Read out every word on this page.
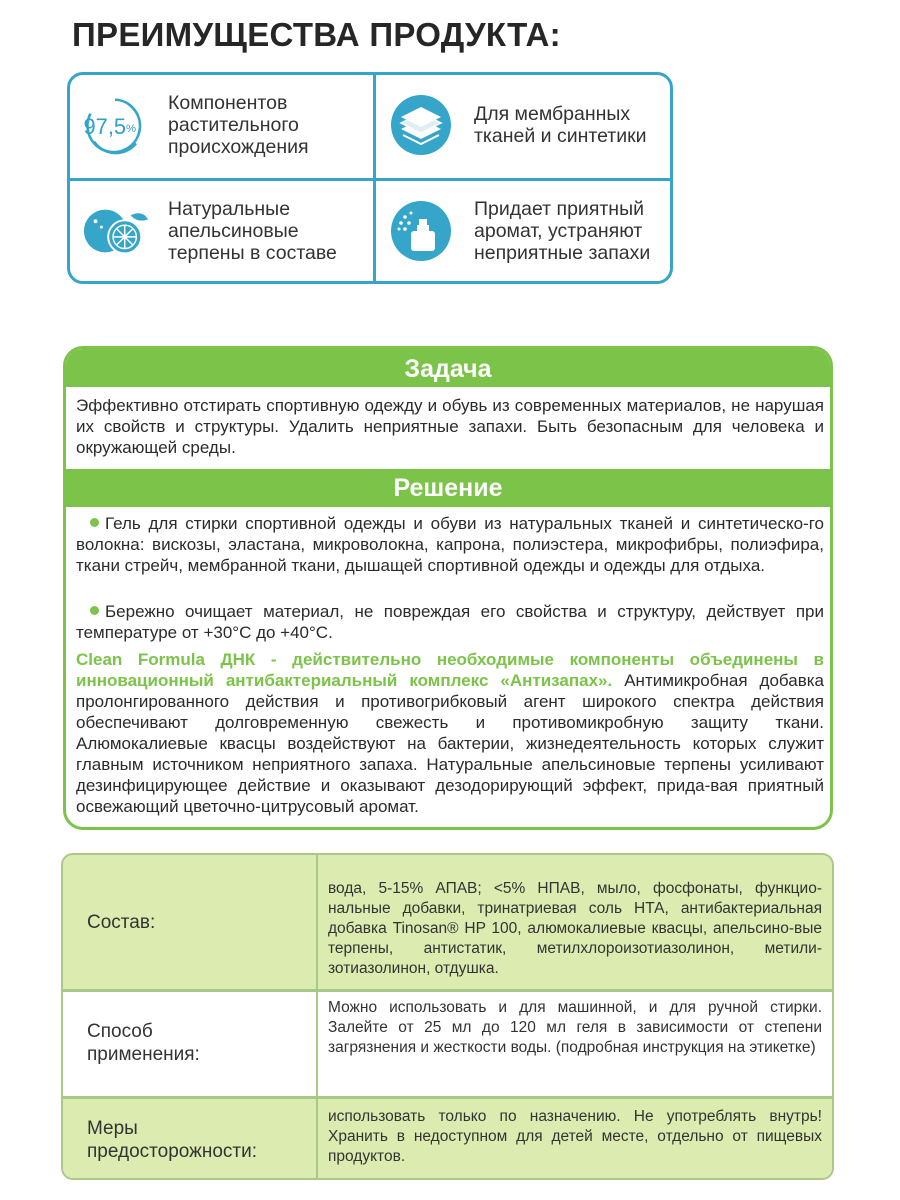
ПРЕИМУЩЕСТВА ПРОДУКТА:
97,5%
Компонентов
растительного
происхождения
Для мембранных
тканей и синтетики
Натуральные
апельсиновые
терпены в составе
Придает приятный
аромат, устраняют
неприятные запахи
Задача
Эффективно отстирать спортивную одежду и обувь из современных материалов, не нарушая их свойств и структуры. Удалить неприятные запахи. Быть безопасным для человека и окружающей среды.
Решение
Гель для стирки спортивной одежды и обуви из натуральных тканей и синтетическо-го волокна: вискозы, эластана, микроволокна, капрона, полиэстера, микрофибры, полиэфира, ткани стрейч, мембранной ткани, дышащей спортивной одежды и одежды для отдыха.
Бережно очищает материал, не повреждая его свойства и структуру, действует при температуре от +30°С до +40°С.
Clean Formula ДНК - действительно необходимые компоненты объединены в инновационный антибактериальный комплекс «Антизапах». Антимикробная добавка пролонгированного действия и противогрибковый агент широкого спектра действия обеспечивают долговременную свежесть и противомикробную защиту ткани. Алюмокалиевые квасцы воздействуют на бактерии, жизнедеятельность которых служит главным источником неприятного запаха. Натуральные апельсиновые терпены усиливают дезинфицирующее действие и оказывают дезодорирующий эффект, прида-вая приятный освежающий цветочно-цитрусовый аромат.
Состав:
вода, 5-15% АПАВ; <5% НПАВ, мыло, фосфонаты, функцио-нальные добавки, тринатриевая соль НТА, антибактериальная добавка Tinosan® HP 100, алюмокалиевые квасцы, апельсино-вые терпены, антистатик, метилхлороизотиазолинон, метили-зотиазолинон, отдушка.
Способ
применения:
Можно использовать и для машинной, и для ручной стирки. Залейте от 25 мл до 120 мл геля в зависимости от степени загрязнения и жесткости воды. (подробная инструкция на этикетке)
Меры
предосторожности:
использовать только по назначению. Не употреблять внутрь! Хранить в недоступном для детей месте, отдельно от пищевых продуктов.
